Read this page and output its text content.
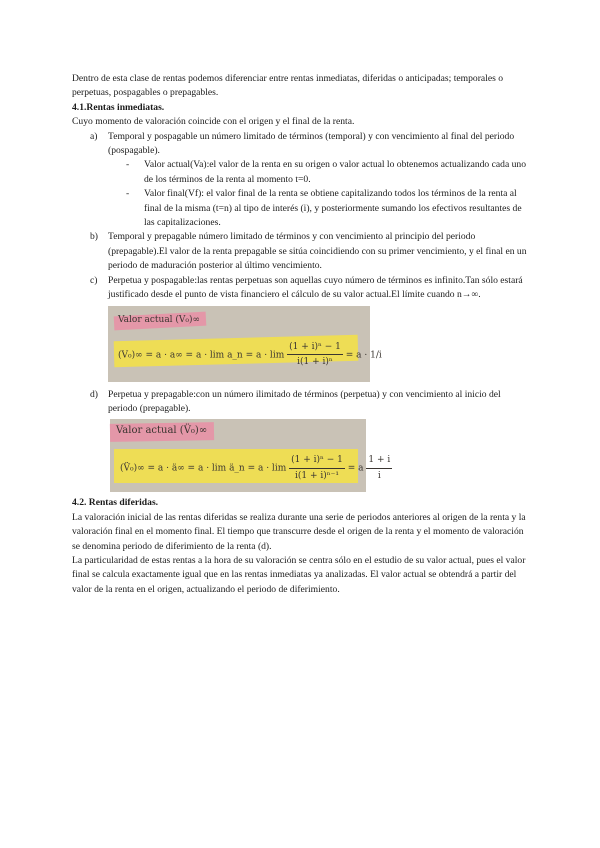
Dentro de esta clase de rentas podemos diferenciar entre rentas inmediatas, diferidas o anticipadas; temporales o perpetuas, pospagables o prepagables.

4.1.Rentas inmediatas.

Cuyo momento de valoración coincide con el origen y el final de la renta.

a) Temporal y pospagable un número limitado de términos (temporal) y con vencimiento al final del periodo (pospagable).
- Valor actual(Va):el valor de la renta en su origen o valor actual lo obtenemos actualizando cada uno de los términos de la renta al momento t=0.
- Valor final(Vf): el valor final de la renta se obtiene capitalizando todos los términos de la renta al final de la misma (t=n) al tipo de interés (i), y posteriormente sumando los efectivos resultantes de las capitalizaciones.
b) Temporal y prepagable número limitado de términos y con vencimiento al principio del periodo (prepagable).El valor de la renta prepagable se sitúa coincidiendo con su primer vencimiento, y el final en un periodo de maduración posterior al último vencimiento.
c) Perpetua y pospagable:las rentas perpetuas son aquellas cuyo número de términos es infinito.Tan sólo estará justificado desde el punto de vista financiero el cálculo de su valor actual.El límite cuando n→∞.
Valor actual (V₀)∞
(V₀)∞ = a · a∞ = a · lim a_n = $a \cdot \lim \frac{\text{(1 + i)ⁿ − 1}}{\text{i(1 + i)ⁿ}} = a \cdot 1/i$
d) Perpetua y prepagable:con un número ilimitado de términos (perpetua) y con vencimiento al inicio del periodo (prepagable).
Valor actual (V̈₀)∞
(V̈₀)∞ = a · ä∞ = a · lim ä_n = $a \cdot \lim \frac{\text{(1 + i)ⁿ − 1}}{\text{i(1 + i)ⁿ⁻¹}} = a \frac{1 + i}{i}$

4.2. Rentas diferidas.

La valoración inicial de las rentas diferidas se realiza durante una serie de periodos anteriores al origen de la renta y la valoración final en el momento final. El tiempo que transcurre desde el origen de la renta y el momento de valoración se denomina periodo de diferimiento de la renta (d).

La particularidad de estas rentas a la hora de su valoración se centra sólo en el estudio de su valor actual, pues el valor final se calcula exactamente igual que en las rentas inmediatas ya analizadas. El valor actual se obtendrá a partir del valor de la renta en el origen, actualizando el periodo de diferimiento.
